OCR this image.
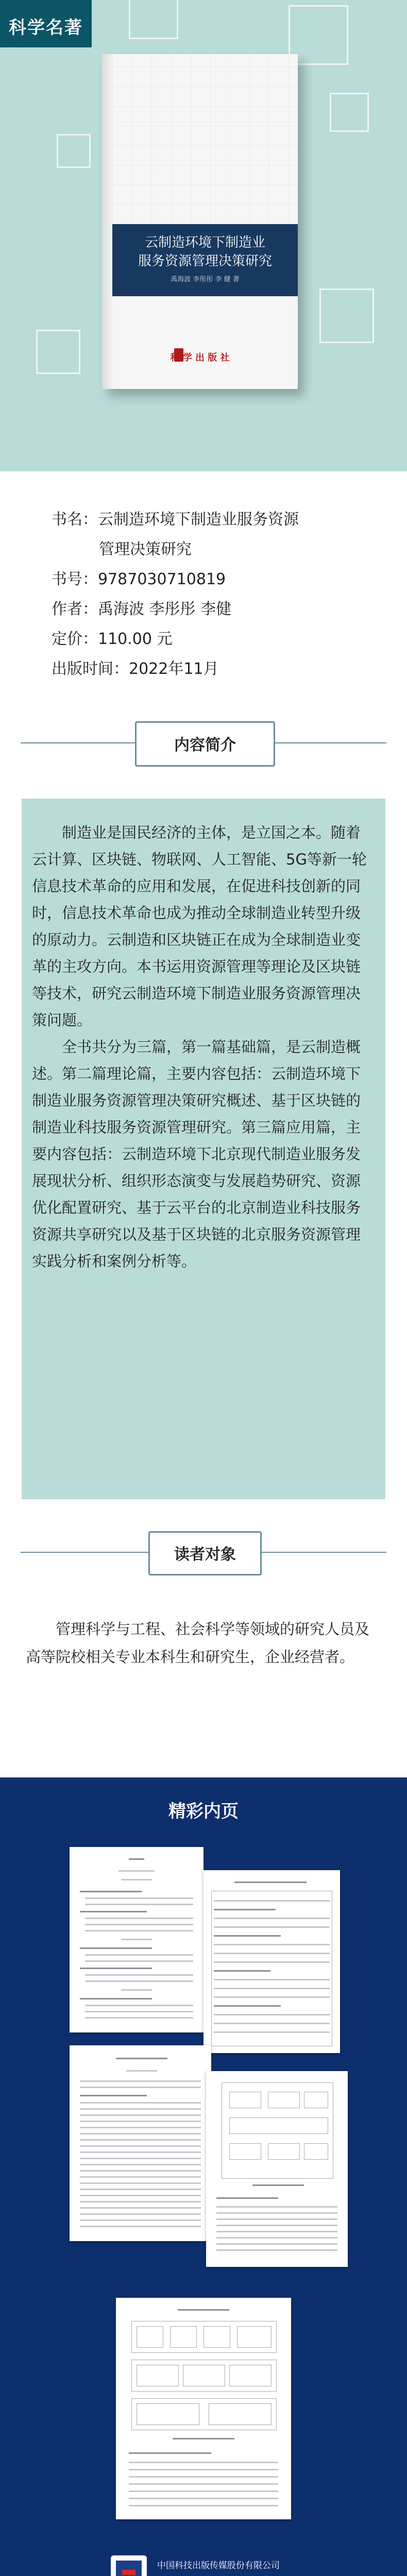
科学名著
云制造环境下制造业
服务资源管理决策研究
禹海波 李彤彤 李 健 著
科 学 出 版 社
书名：云制造环境下制造业服务资源
管理决策研究
书号：9787030710819
作者：禹海波 李彤彤 李健
定价：110.00 元
出版时间：2022年11月
内容简介

制造业是国民经济的主体，是立国之本。随着云计算、区块链、物联网、人工智能、5G等新一轮信息技术革命的应用和发展，在促进科技创新的同时，信息技术革命也成为推动全球制造业转型升级的原动力。云制造和区块链正在成为全球制造业变革的主攻方向。本书运用资源管理等理论及区块链等技术，研究云制造环境下制造业服务资源管理决策问题。

全书共分为三篇，第一篇基础篇，是云制造概述。第二篇理论篇，主要内容包括：云制造环境下制造业服务资源管理决策研究概述、基于区块链的制造业科技服务资源管理研究。第三篇应用篇，主要内容包括：云制造环境下北京现代制造业服务发展现状分析、组织形态演变与发展趋势研究、资源优化配置研究、基于云平台的北京制造业科技服务资源共享研究以及基于区块链的北京服务资源管理实践分析和案例分析等。

读者对象
管理科学与工程、社会科学等领域的研究人员及高等院校相关专业本科生和研究生，企业经营者。
精彩内页
中国科技出版传媒股份有限公司
